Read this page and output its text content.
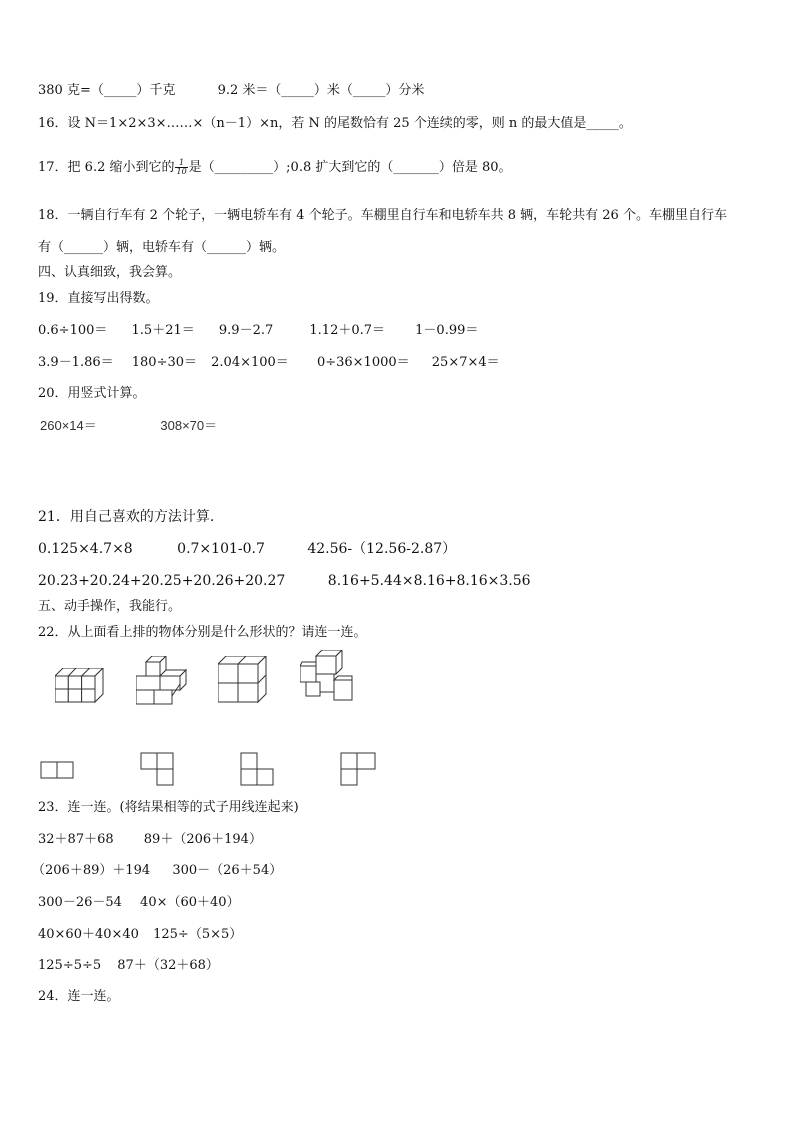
380 克=（_____）千克	9.2 米＝（_____）米（_____）分米
16．设 N＝1×2×3×……×（n－1）×n，若 N 的尾数恰有 25 个连续的零，则 n 的最大值是_____。
17．把 6.2 缩小到它的 $\frac{1}{10}$ 是（_________）;0.8 扩大到它的（_______）倍是 80。
18．一辆自行车有 2 个轮子，一辆电轿车有 4 个轮子。车棚里自行车和电轿车共 8 辆，车轮共有 26 个。车棚里自行车
有（______）辆，电轿车有（______）辆。
四、认真细致，我会算。
19．直接写出得数。
0.6÷100＝ 1.5＋21＝ 9.9－2.7	1.12＋0.7＝ 1－0.99＝
3.9－1.86＝ 180÷30＝ 2.04×100＝ 0÷36×1000＝ 25×7×4＝
20．用竖式计算。
260×14＝	308×70＝
21．用自己喜欢的方法计算.
0.125×4.7×8	0.7×101-0.7	42.56-（12.56-2.87）
20.23+20.24+20.25+20.26+20.27	8.16+5.44×8.16+8.16×3.56
五、动手操作，我能行。
22．从上面看上排的物体分别是什么形状的？请连一连。
23．连一连。(将结果相等的式子用线连起来)
32＋87＋68 89＋（206＋194）
（206＋89）＋194 300－（26＋54）
300－26－54 40×（60＋40）
40×60＋40×40 125÷（5×5）
125÷5÷5 87＋（32＋68）
24．连一连。
